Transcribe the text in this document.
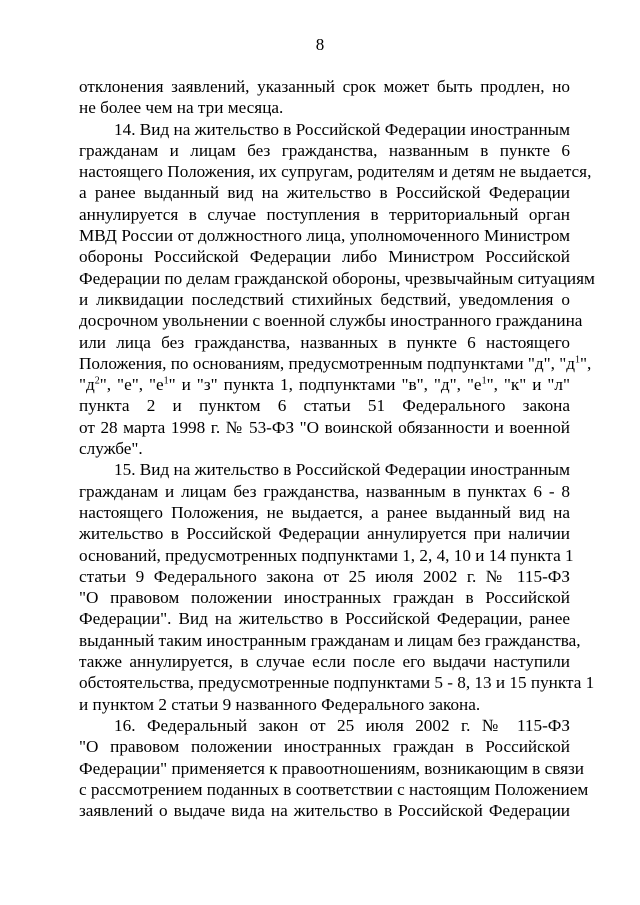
8
отклонения заявлений, указанный срок может быть продлен, но
не более чем на три месяца.
14. Вид на жительство в Российской Федерации иностранным
гражданам и лицам без гражданства, названным в пункте 6
настоящего Положения, их супругам, родителям и детям не выдается,
а ранее выданный вид на жительство в Российской Федерации
аннулируется в случае поступления в территориальный орган
МВД России от должностного лица, уполномоченного Министром
обороны Российской Федерации либо Министром Российской
Федерации по делам гражданской обороны, чрезвычайным ситуациям
и ликвидации последствий стихийных бедствий, уведомления о
досрочном увольнении с военной службы иностранного гражданина
или лица без гражданства, названных в пункте 6 настоящего
Положения, по основаниям, предусмотренным подпунктами "д", "$д^1$",
"$д^2$", "е", "$е^1$" и "з" пункта 1, подпунктами "в", "д", "$е^1$", "к" и "л"
пункта 2 и пунктом 6 статьи 51 Федерального закона
от 28 марта 1998 г. № 53-ФЗ "О воинской обязанности и военной
службе".
15. Вид на жительство в Российской Федерации иностранным
гражданам и лицам без гражданства, названным в пунктах 6 - 8
настоящего Положения, не выдается, а ранее выданный вид на
жительство в Российской Федерации аннулируется при наличии
оснований, предусмотренных подпунктами 1, 2, 4, 10 и 14 пункта 1
статьи 9 Федерального закона от 25 июля 2002 г. № 115-ФЗ
"О правовом положении иностранных граждан в Российской
Федерации". Вид на жительство в Российской Федерации, ранее
выданный таким иностранным гражданам и лицам без гражданства,
также аннулируется, в случае если после его выдачи наступили
обстоятельства, предусмотренные подпунктами 5 - 8, 13 и 15 пункта 1
и пунктом 2 статьи 9 названного Федерального закона.
16. Федеральный закон от 25 июля 2002 г. № 115-ФЗ
"О правовом положении иностранных граждан в Российской
Федерации" применяется к правоотношениям, возникающим в связи
с рассмотрением поданных в соответствии с настоящим Положением
заявлений о выдаче вида на жительство в Российской Федерации
